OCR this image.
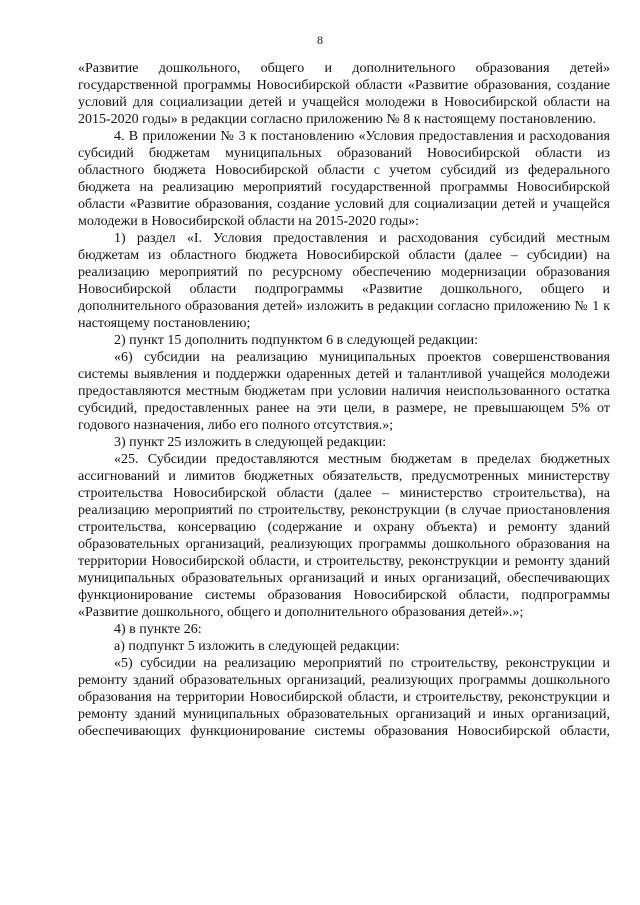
8

«Развитие дошкольного, общего и дополнительного образования детей» государственной программы Новосибирской области «Развитие образования, создание условий для социализации детей и учащейся молодежи в Новосибирской области на 2015-2020 годы» в редакции согласно приложению № 8 к настоящему постановлению.

4. В приложении № 3 к постановлению «Условия предоставления и расходования субсидий бюджетам муниципальных образований Новосибирской области из областного бюджета Новосибирской области с учетом субсидий из федерального бюджета на реализацию мероприятий государственной программы Новосибирской области «Развитие образования, создание условий для социализации детей и учащейся молодежи в Новосибирской области на 2015-2020 годы»:

1) раздел «I. Условия предоставления и расходования субсидий местным бюджетам из областного бюджета Новосибирской области (далее – субсидии) на реализацию мероприятий по ресурсному обеспечению модернизации образования Новосибирской области подпрограммы «Развитие дошкольного, общего и дополнительного образования детей» изложить в редакции согласно приложению № 1 к настоящему постановлению;

2) пункт 15 дополнить подпунктом 6 в следующей редакции:

«6) субсидии на реализацию муниципальных проектов совершенствования системы выявления и поддержки одаренных детей и талантливой учащейся молодежи предоставляются местным бюджетам при условии наличия неиспользованного остатка субсидий, предоставленных ранее на эти цели, в размере, не превышающем 5% от годового назначения, либо его полного отсутствия.»;

3) пункт 25 изложить в следующей редакции:

«25. Субсидии предоставляются местным бюджетам в пределах бюджетных ассигнований и лимитов бюджетных обязательств, предусмотренных министерству строительства Новосибирской области (далее – министерство строительства), на реализацию мероприятий по строительству, реконструкции (в случае приостановления строительства, консервацию (содержание и охрану объекта) и ремонту зданий образовательных организаций, реализующих программы дошкольного образования на территории Новосибирской области, и строительству, реконструкции и ремонту зданий муниципальных образовательных организаций и иных организаций, обеспечивающих функционирование системы образования Новосибирской области, подпрограммы «Развитие дошкольного, общего и дополнительного образования детей».»;

4) в пункте 26:

а) подпункт 5 изложить в следующей редакции:

«5) субсидии на реализацию мероприятий по строительству, реконструкции и ремонту зданий образовательных организаций, реализующих программы дошкольного образования на территории Новосибирской области, и строительству, реконструкции и ремонту зданий муниципальных образовательных организаций и иных организаций, обеспечивающих функционирование системы образования Новосибирской области,
